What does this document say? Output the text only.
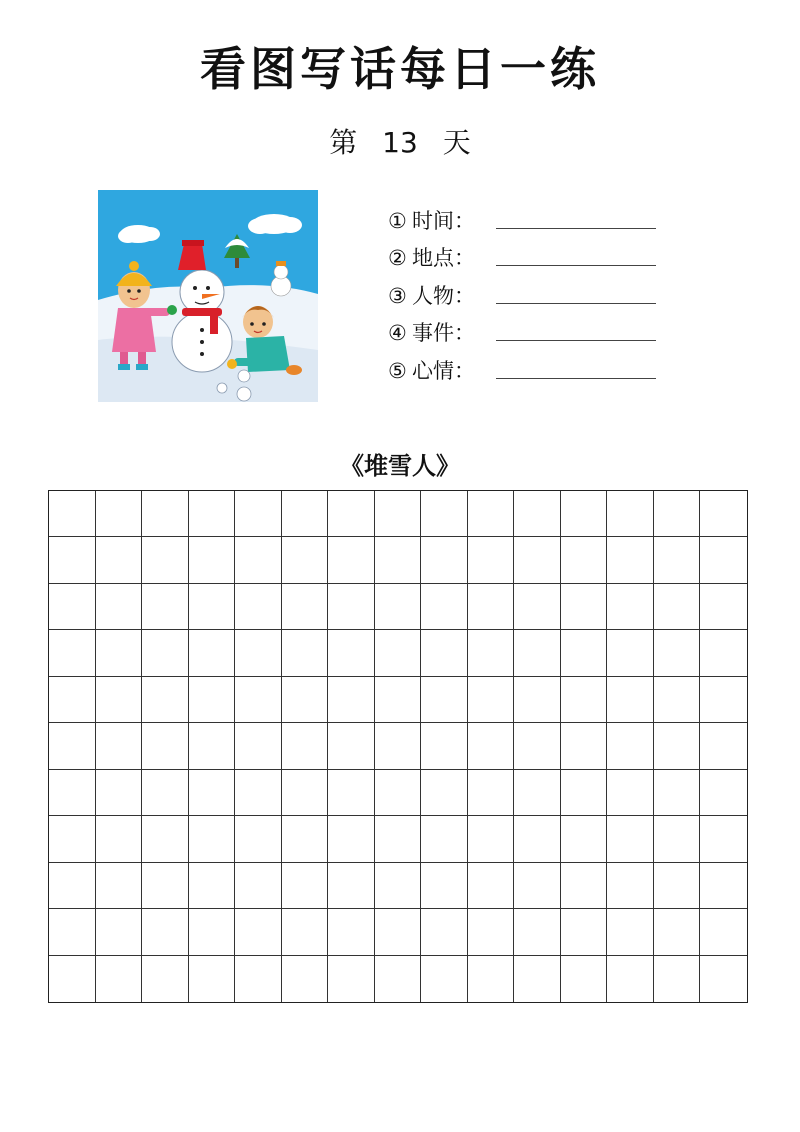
看图写话每日一练
第 13 天
① 时间：
② 地点：
③ 人物：
④ 事件：
⑤ 心情：
《堆雪人》
